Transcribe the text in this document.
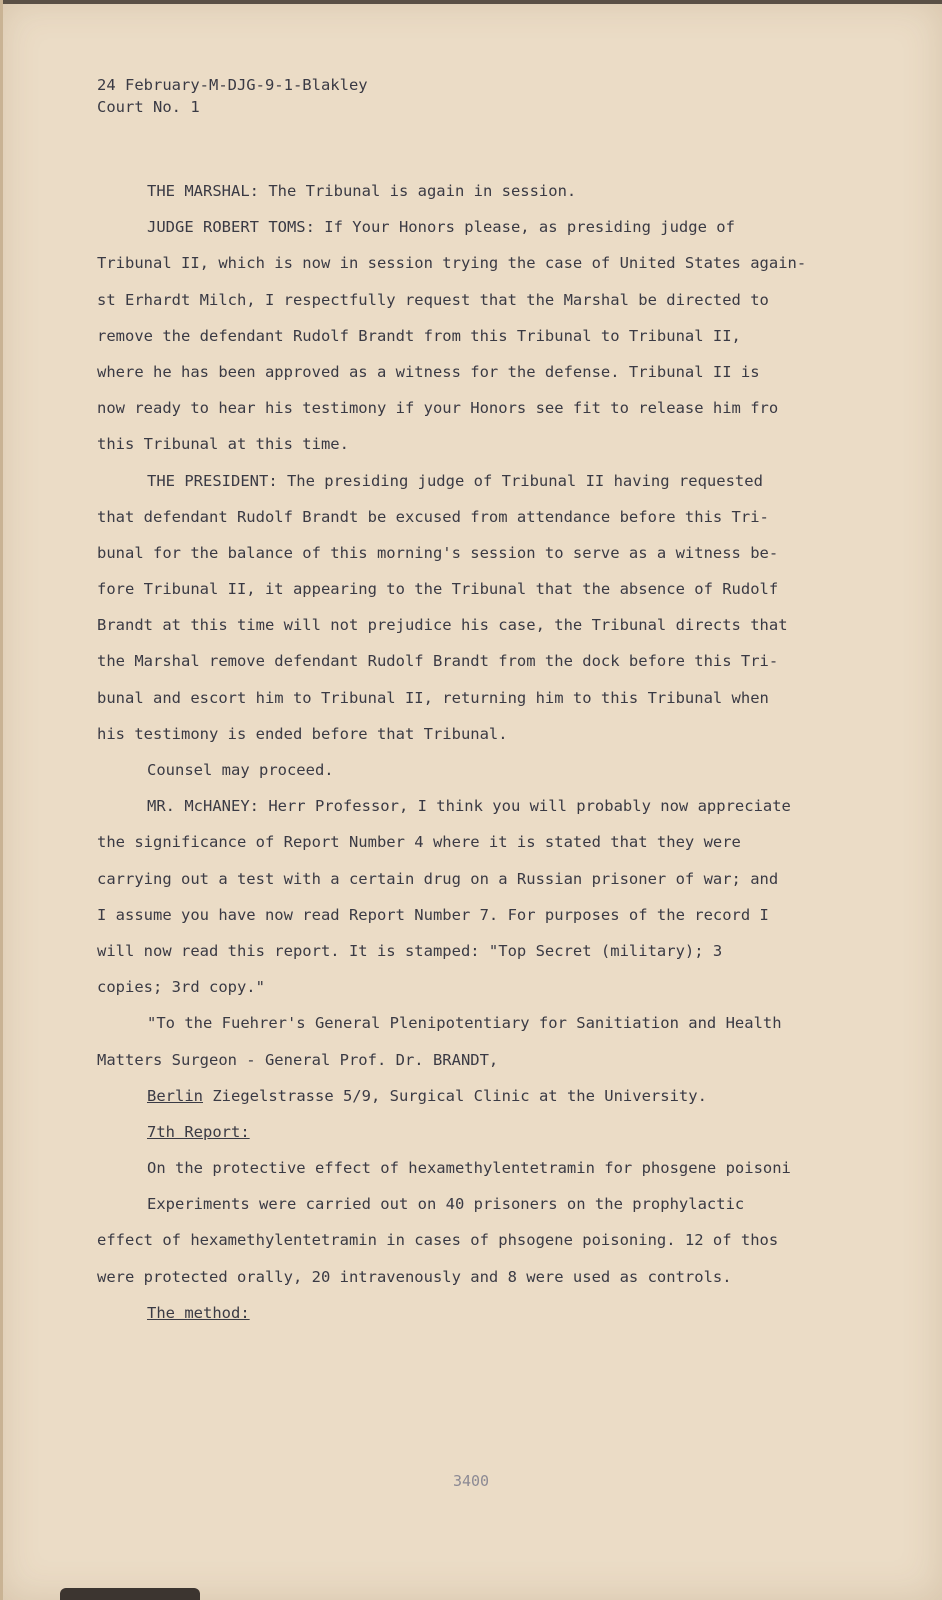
24 February-M-DJG-9-1-Blakley
Court No. 1
THE MARSHAL: The Tribunal is again in session.
JUDGE ROBERT TOMS: If Your Honors please, as presiding judge of
Tribunal II, which is now in session trying the case of United States again-
st Erhardt Milch, I respectfully request that the Marshal be directed to
remove the defendant Rudolf Brandt from this Tribunal to Tribunal II,
where he has been approved as a witness for the defense. Tribunal II is
now ready to hear his testimony if your Honors see fit to release him fro
this Tribunal at this time.
THE PRESIDENT: The presiding judge of Tribunal II having requested
that defendant Rudolf Brandt be excused from attendance before this Tri-
bunal for the balance of this morning's session to serve as a witness be-
fore Tribunal II, it appearing to the Tribunal that the absence of Rudolf
Brandt at this time will not prejudice his case, the Tribunal directs that
the Marshal remove defendant Rudolf Brandt from the dock before this Tri-
bunal and escort him to Tribunal II, returning him to this Tribunal when
his testimony is ended before that Tribunal.
Counsel may proceed.
MR. McHANEY: Herr Professor, I think you will probably now appreciate
the significance of Report Number 4 where it is stated that they were
carrying out a test with a certain drug on a Russian prisoner of war; and
I assume you have now read Report Number 7. For purposes of the record I
will now read this report. It is stamped: "Top Secret (military); 3
copies; 3rd copy."
"To the Fuehrer's General Plenipotentiary for Sanitiation and Health
Matters Surgeon - General Prof. Dr. BRANDT,
Berlin Ziegelstrasse 5/9, Surgical Clinic at the University.
7th Report:
On the protective effect of hexamethylentetramin for phosgene poisoni
Experiments were carried out on 40 prisoners on the prophylactic
effect of hexamethylentetramin in cases of phsogene poisoning. 12 of thos
were protected orally, 20 intravenously and 8 were used as controls.
The method:
3400
